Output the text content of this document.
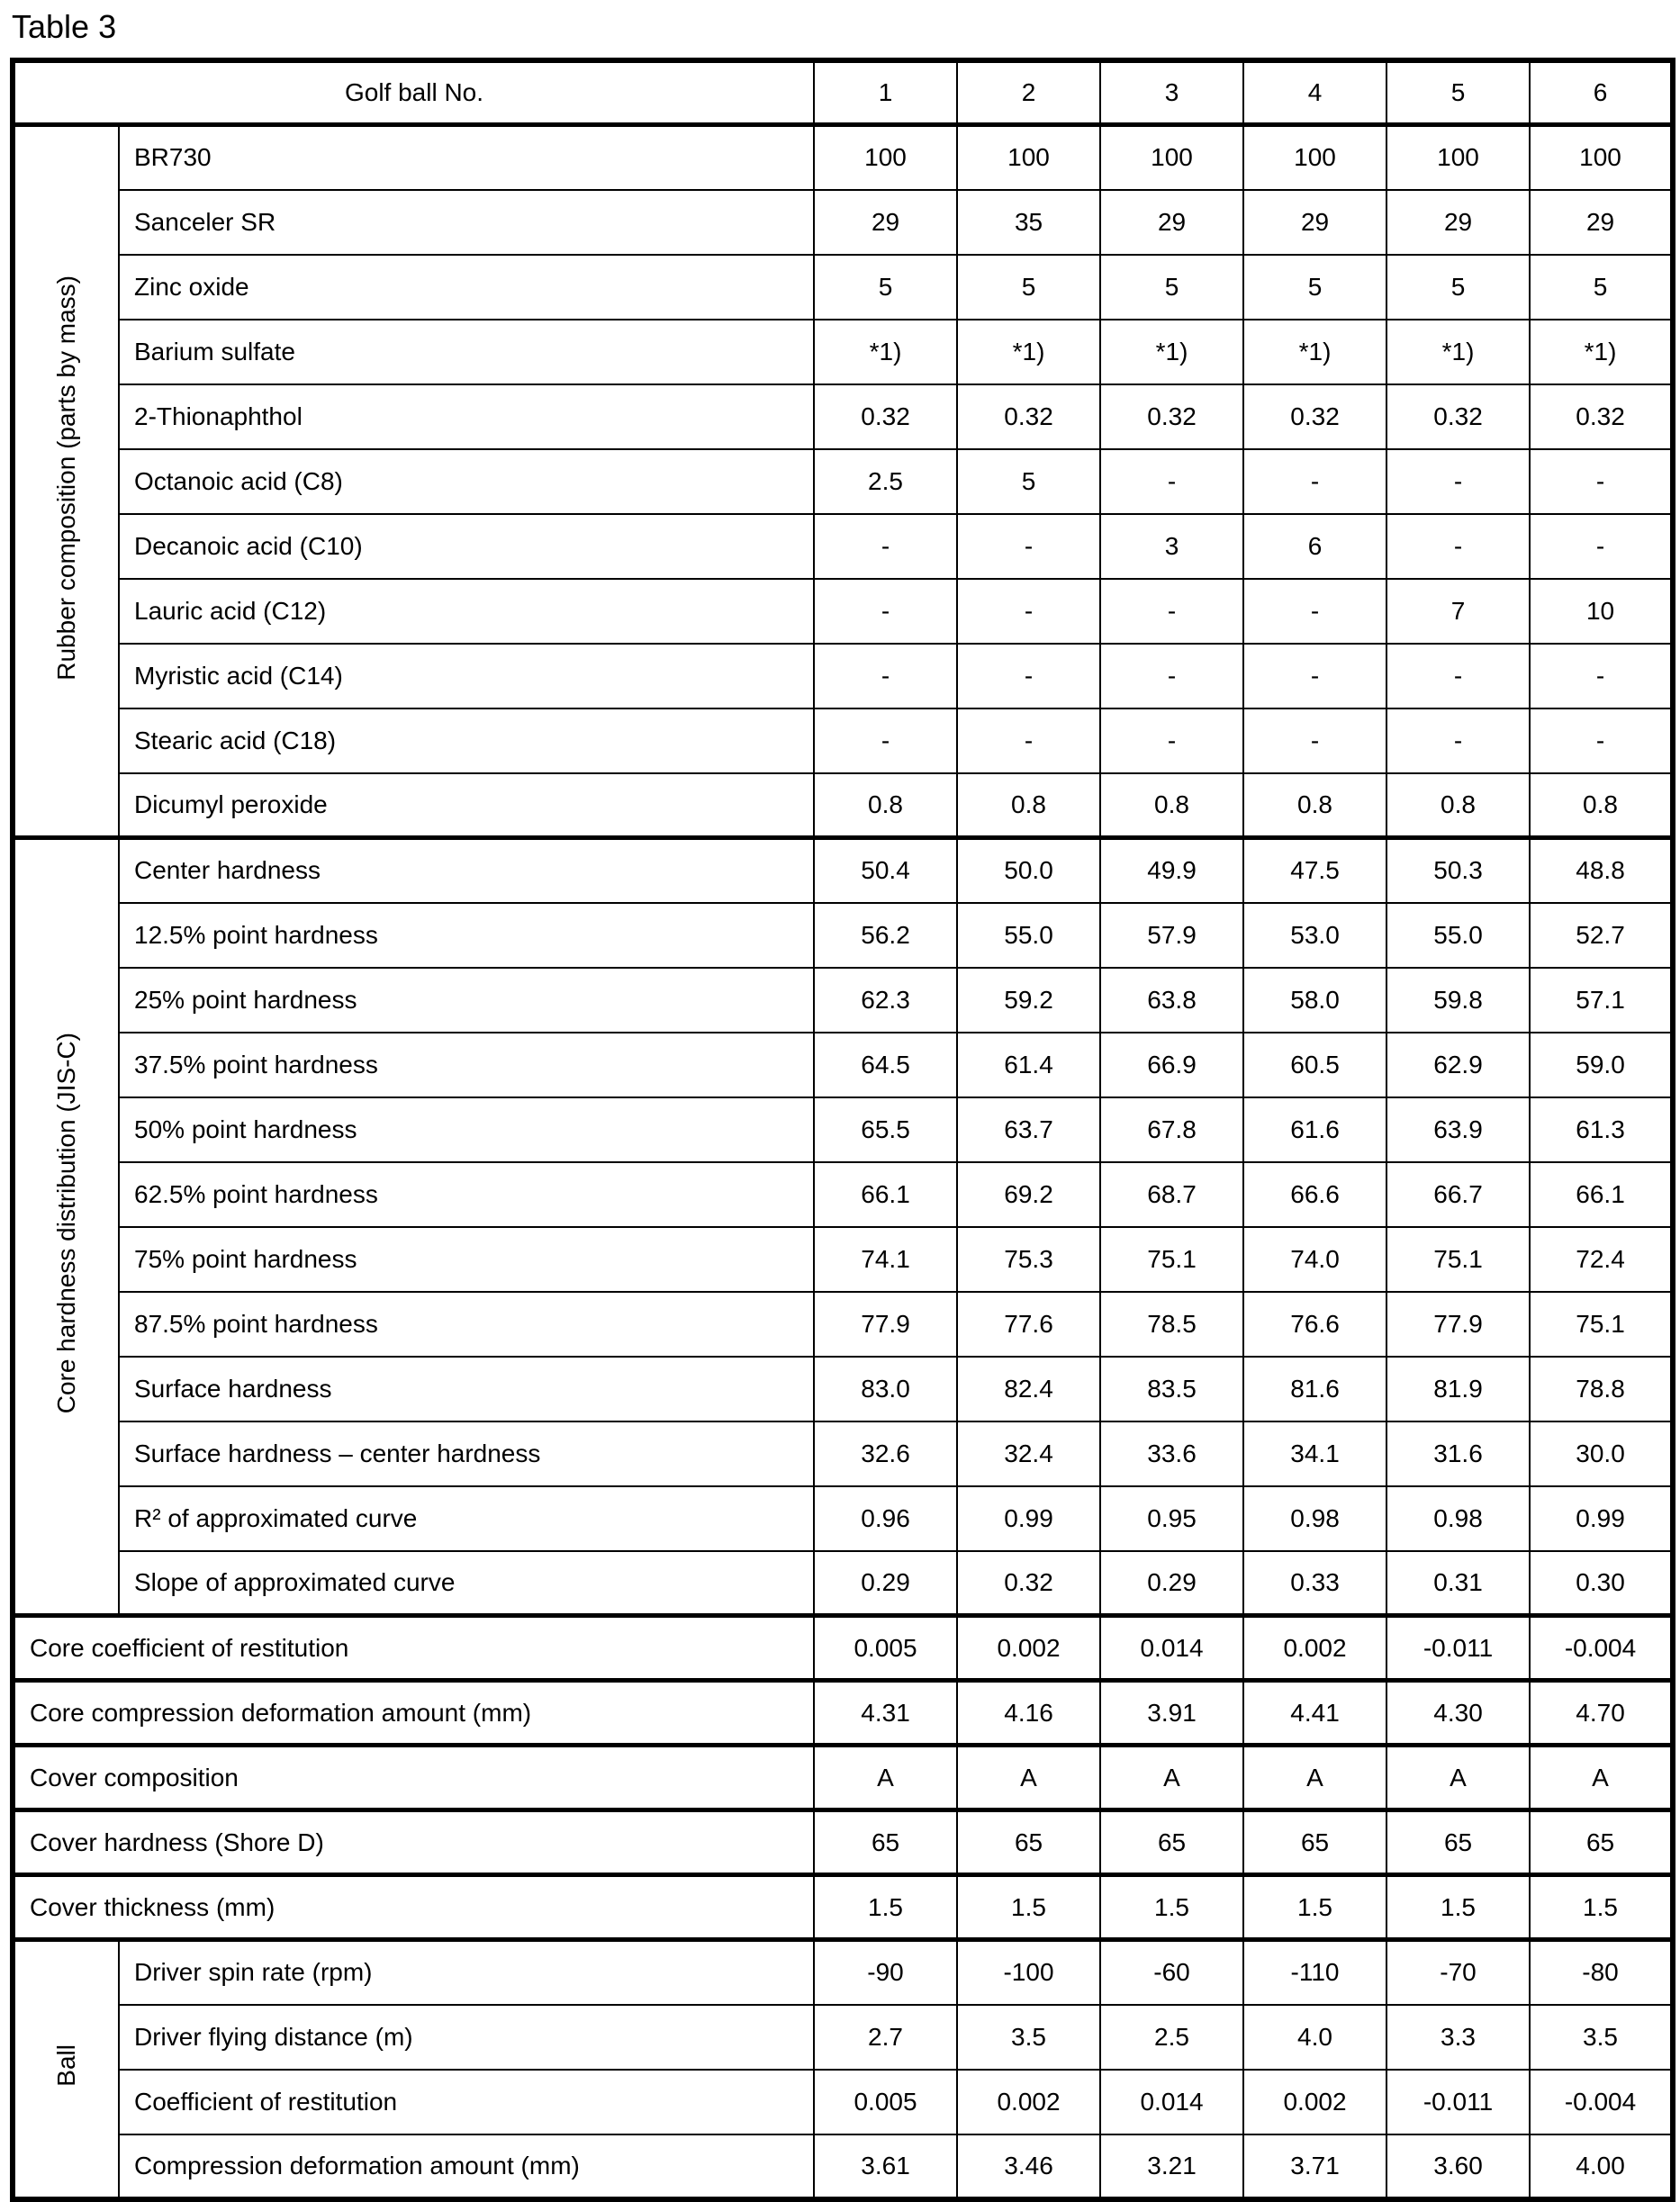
Table 3
Golf ball No.		1	2	3	4	5	6
Rubber composition (parts by mass)	BR730	100	100	100	100	100	100
	Sanceler SR	29	35	29	29	29	29
	Zinc oxide	5	5	5	5	5	5
	Barium sulfate	*1)	*1)	*1)	*1)	*1)	*1)
	2-Thionaphthol	0.32	0.32	0.32	0.32	0.32	0.32
	Octanoic acid (C8)	2.5	5	-	-	-	-
	Decanoic acid (C10)	-	-	3	6	-	-
	Lauric acid (C12)	-	-	-	-	7	10
	Myristic acid (C14)	-	-	-	-	-	-
	Stearic acid (C18)	-	-	-	-	-	-
	Dicumyl peroxide	0.8	0.8	0.8	0.8	0.8	0.8
Core hardness distribution (JIS-C)	Center hardness	50.4	50.0	49.9	47.5	50.3	48.8
	12.5% point hardness	56.2	55.0	57.9	53.0	55.0	52.7
	25% point hardness	62.3	59.2	63.8	58.0	59.8	57.1
	37.5% point hardness	64.5	61.4	66.9	60.5	62.9	59.0
	50% point hardness	65.5	63.7	67.8	61.6	63.9	61.3
	62.5% point hardness	66.1	69.2	68.7	66.6	66.7	66.1
	75% point hardness	74.1	75.3	75.1	74.0	75.1	72.4
	87.5% point hardness	77.9	77.6	78.5	76.6	77.9	75.1
	Surface hardness	83.0	82.4	83.5	81.6	81.9	78.8
	Surface hardness – center hardness	32.6	32.4	33.6	34.1	31.6	30.0
	R² of approximated curve	0.96	0.99	0.95	0.98	0.98	0.99
	Slope of approximated curve	0.29	0.32	0.29	0.33	0.31	0.30
Core coefficient of restitution		0.005	0.002	0.014	0.002	-0.011	-0.004
Core compression deformation amount (mm)		4.31	4.16	3.91	4.41	4.30	4.70
Cover composition		A	A	A	A	A	A
Cover hardness (Shore D)		65	65	65	65	65	65
Cover thickness (mm)		1.5	1.5	1.5	1.5	1.5	1.5
Ball	Driver spin rate (rpm)	-90	-100	-60	-110	-70	-80
	Driver flying distance (m)	2.7	3.5	2.5	4.0	3.3	3.5
	Coefficient of restitution	0.005	0.002	0.014	0.002	-0.011	-0.004
	Compression deformation amount (mm)	3.61	3.46	3.21	3.71	3.60	4.00
